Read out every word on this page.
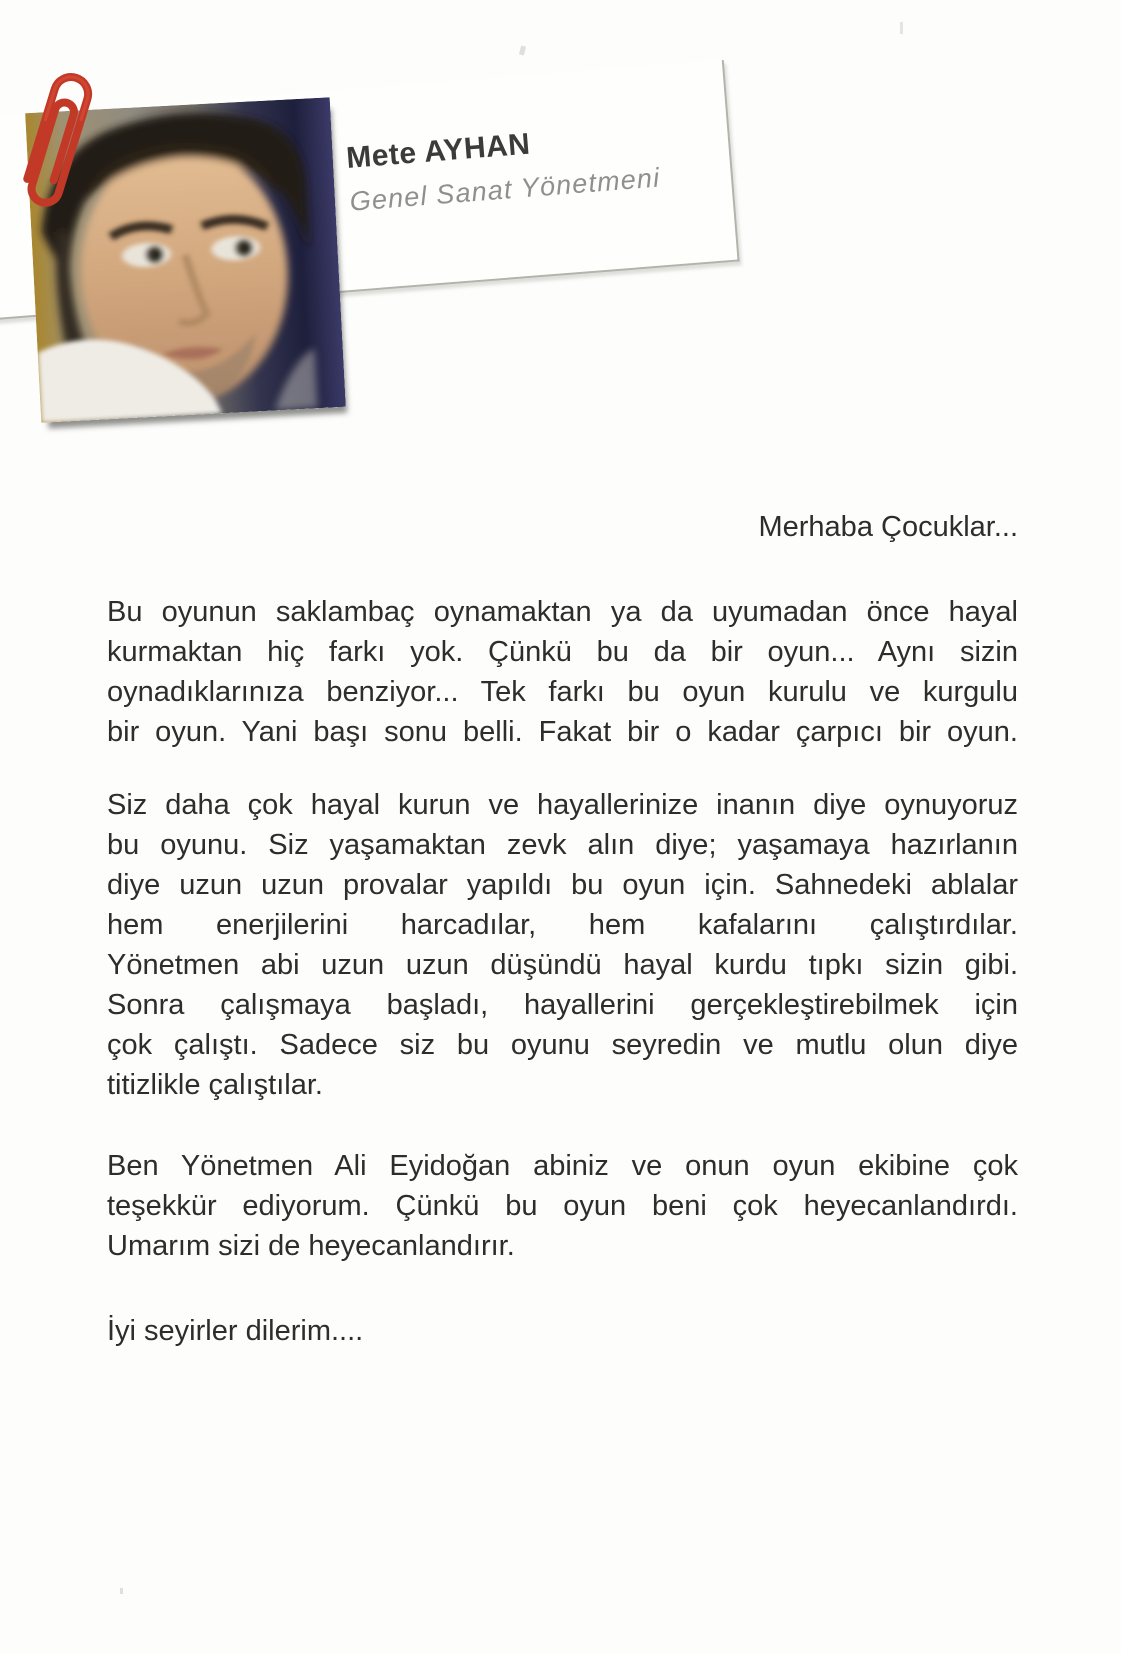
Mete AYHAN
Genel Sanat Yönetmeni
Merhaba Çocuklar...
Bu oyunun saklambaç oynamaktan ya da uyumadan önce hayal
kurmaktan hiç farkı yok. Çünkü bu da bir oyun... Aynı sizin
oynadıklarınıza benziyor... Tek farkı bu oyun kurulu ve kurgulu
bir oyun. Yani başı sonu belli. Fakat bir o kadar çarpıcı bir oyun.
Siz daha çok hayal kurun ve hayallerinize inanın diye oynuyoruz
bu oyunu. Siz yaşamaktan zevk alın diye; yaşamaya hazırlanın
diye uzun uzun provalar yapıldı bu oyun için. Sahnedeki ablalar
hem enerjilerini harcadılar, hem kafalarını çalıştırdılar.
Yönetmen abi uzun uzun düşündü hayal kurdu tıpkı sizin gibi.
Sonra çalışmaya başladı, hayallerini gerçekleştirebilmek için
çok çalıştı. Sadece siz bu oyunu seyredin ve mutlu olun diye
titizlikle çalıştılar.
Ben Yönetmen Ali Eyidoğan abiniz ve onun oyun ekibine çok
teşekkür ediyorum. Çünkü bu oyun beni çok heyecanlandırdı.
Umarım sizi de heyecanlandırır.
İyi seyirler dilerim....
